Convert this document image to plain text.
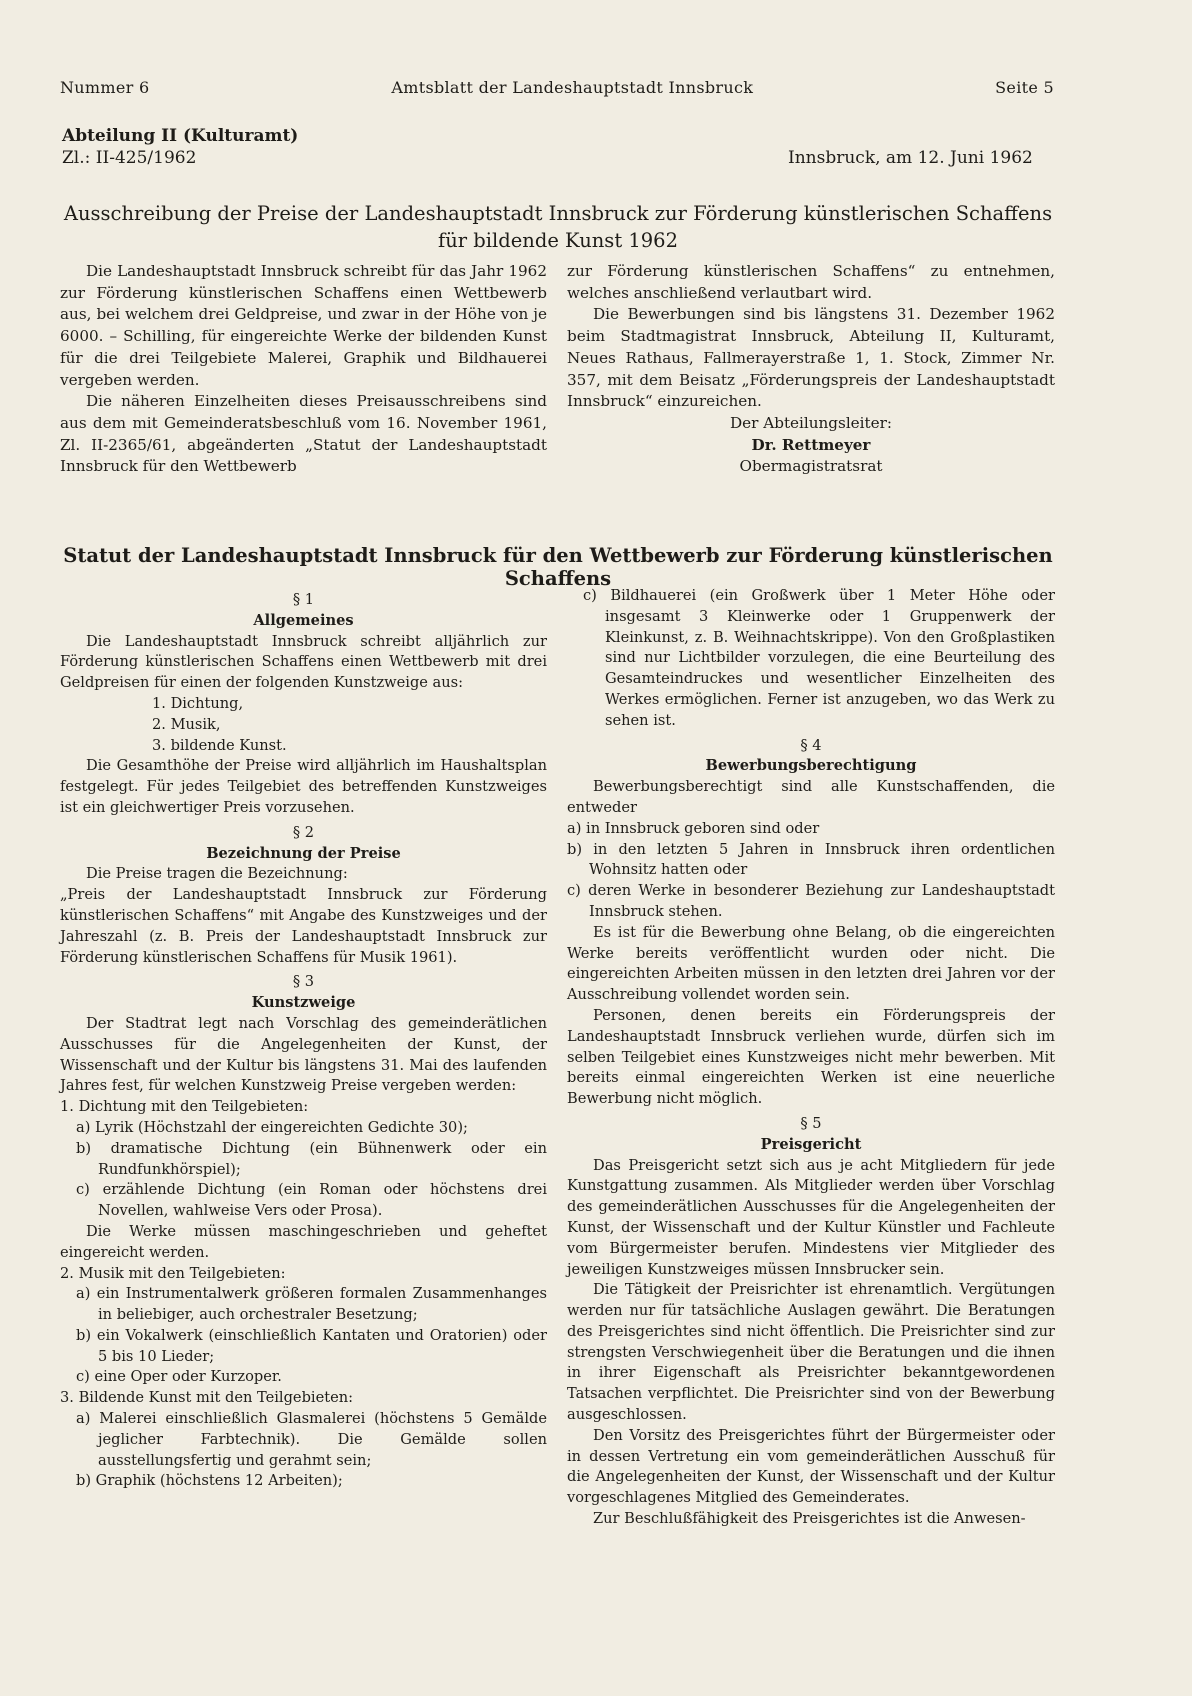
Nummer 6	Amtsblatt der Landeshauptstadt Innsbruck	Seite 5
Abteilung II (Kulturamt)
Zl.: II-425/1962	Innsbruck, am 12. Juni 1962
Ausschreibung der Preise der Landeshauptstadt Innsbruck zur Förderung künstlerischen Schaffens
für bildende Kunst 1962

Die Landeshauptstadt Innsbruck schreibt für das Jahr 1962 zur Förderung künstlerischen Schaffens einen Wettbewerb aus, bei welchem drei Geldpreise, und zwar in der Höhe von je 6000. – Schilling, für eingereichte Werke der bildenden Kunst für die drei Teilgebiete Malerei, Graphik und Bildhauerei vergeben werden.

Die näheren Einzelheiten dieses Preisausschreibens sind aus dem mit Gemeinderatsbeschluß vom 16. November 1961, Zl. II-2365/61, abgeänderten „Statut der Landeshauptstadt Innsbruck für den Wettbewerb

zur Förderung künstlerischen Schaffens“ zu entnehmen, welches anschließend verlautbart wird.

Die Bewerbungen sind bis längstens 31. Dezember 1962 beim Stadtmagistrat Innsbruck, Abteilung II, Kulturamt, Neues Rathaus, Fallmerayerstraße 1, 1. Stock, Zimmer Nr. 357, mit dem Beisatz „Förderungspreis der Landeshauptstadt Innsbruck“ einzureichen.

Der Abteilungsleiter:

Dr. Rettmeyer

Obermagistratsrat

Statut der Landeshauptstadt Innsbruck für den Wettbewerb zur Förderung künstlerischen Schaffens

§ 1

Allgemeines

Die Landeshauptstadt Innsbruck schreibt alljährlich zur Förderung künstlerischen Schaffens einen Wettbewerb mit drei Geldpreisen für einen der folgenden Kunstzweige aus:

1. Dichtung,

2. Musik,

3. bildende Kunst.

Die Gesamthöhe der Preise wird alljährlich im Haushaltsplan festgelegt. Für jedes Teilgebiet des betreffenden Kunstzweiges ist ein gleichwertiger Preis vorzusehen.

§ 2

Bezeichnung der Preise

Die Preise tragen die Bezeichnung:

„Preis der Landeshauptstadt Innsbruck zur Förderung künstlerischen Schaffens“ mit Angabe des Kunstzweiges und der Jahreszahl (z. B. Preis der Landeshauptstadt Innsbruck zur Förderung künstlerischen Schaffens für Musik 1961).

§ 3

Kunstzweige

Der Stadtrat legt nach Vorschlag des gemeinderätlichen Ausschusses für die Angelegenheiten der Kunst, der Wissenschaft und der Kultur bis längstens 31. Mai des laufenden Jahres fest, für welchen Kunstzweig Preise vergeben werden:

1. Dichtung mit den Teilgebieten:

a) Lyrik (Höchstzahl der eingereichten Gedichte 30);

b) dramatische Dichtung (ein Bühnenwerk oder ein Rundfunkhörspiel);

c) erzählende Dichtung (ein Roman oder höchstens drei Novellen, wahlweise Vers oder Prosa).

Die Werke müssen maschingeschrieben und geheftet eingereicht werden.

2. Musik mit den Teilgebieten:

a) ein Instrumentalwerk größeren formalen Zusammenhanges in beliebiger, auch orchestraler Besetzung;

b) ein Vokalwerk (einschließlich Kantaten und Oratorien) oder 5 bis 10 Lieder;

c) eine Oper oder Kurzoper.

3. Bildende Kunst mit den Teilgebieten:

a) Malerei einschließlich Glasmalerei (höchstens 5 Gemälde jeglicher Farbtechnik). Die Gemälde sollen ausstellungsfertig und gerahmt sein;

b) Graphik (höchstens 12 Arbeiten);

c) Bildhauerei (ein Großwerk über 1 Meter Höhe oder insgesamt 3 Kleinwerke oder 1 Gruppenwerk der Kleinkunst, z. B. Weihnachtskrippe). Von den Großplastiken sind nur Lichtbilder vorzulegen, die eine Beurteilung des Gesamteindruckes und wesentlicher Einzelheiten des Werkes ermöglichen. Ferner ist anzugeben, wo das Werk zu sehen ist.

§ 4

Bewerbungsberechtigung

Bewerbungsberechtigt sind alle Kunstschaffenden, die entweder

a) in Innsbruck geboren sind oder

b) in den letzten 5 Jahren in Innsbruck ihren ordentlichen Wohnsitz hatten oder

c) deren Werke in besonderer Beziehung zur Landeshauptstadt Innsbruck stehen.

Es ist für die Bewerbung ohne Belang, ob die eingereichten Werke bereits veröffentlicht wurden oder nicht. Die eingereichten Arbeiten müssen in den letzten drei Jahren vor der Ausschreibung vollendet worden sein.

Personen, denen bereits ein Förderungspreis der Landeshauptstadt Innsbruck verliehen wurde, dürfen sich im selben Teilgebiet eines Kunstzweiges nicht mehr bewerben. Mit bereits einmal eingereichten Werken ist eine neuerliche Bewerbung nicht möglich.

§ 5

Preisgericht

Das Preisgericht setzt sich aus je acht Mitgliedern für jede Kunstgattung zusammen. Als Mitglieder werden über Vorschlag des gemeinderätlichen Ausschusses für die Angelegenheiten der Kunst, der Wissenschaft und der Kultur Künstler und Fachleute vom Bürgermeister berufen. Mindestens vier Mitglieder des jeweiligen Kunstzweiges müssen Innsbrucker sein.

Die Tätigkeit der Preisrichter ist ehrenamtlich. Vergütungen werden nur für tatsächliche Auslagen gewährt. Die Beratungen des Preisgerichtes sind nicht öffentlich. Die Preisrichter sind zur strengsten Verschwiegenheit über die Beratungen und die ihnen in ihrer Eigenschaft als Preisrichter bekanntgewordenen Tatsachen verpflichtet. Die Preisrichter sind von der Bewerbung ausgeschlossen.

Den Vorsitz des Preisgerichtes führt der Bürgermeister oder in dessen Vertretung ein vom gemeinderätlichen Ausschuß für die Angelegenheiten der Kunst, der Wissenschaft und der Kultur vorgeschlagenes Mitglied des Gemeinderates.

Zur Beschlußfähigkeit des Preisgerichtes ist die Anwesen-
